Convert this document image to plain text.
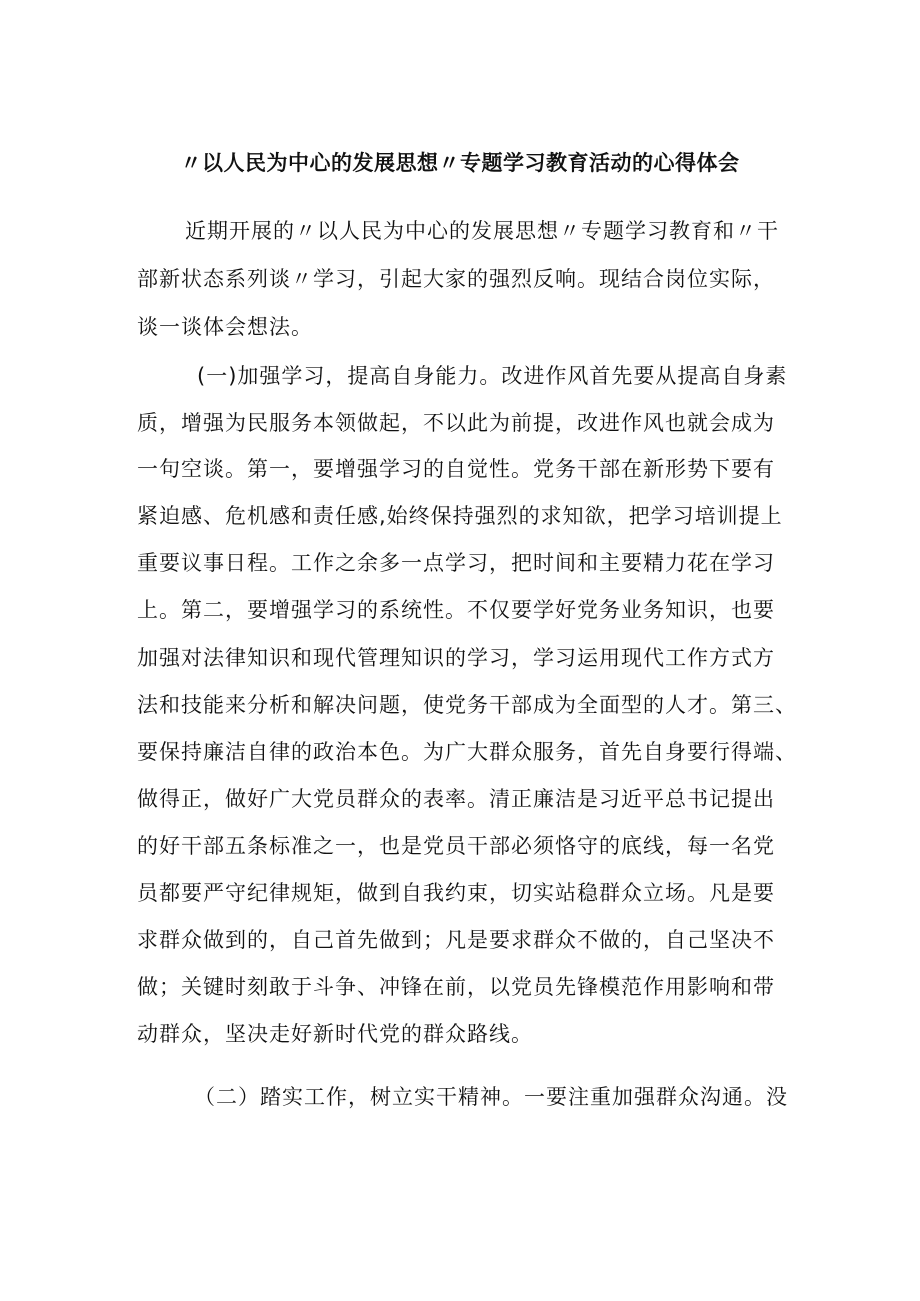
〃以人民为中心的发展思想〃专题学习教育活动的心得体会
近期开展的〃以人民为中心的发展思想〃专题学习教育和〃干
部新状态系列谈〃学习，引起大家的强烈反响。现结合岗位实际，
谈一谈体会想法。
(一)加强学习，提高自身能力。改进作风首先要从提高自身素
质，增强为民服务本领做起，不以此为前提，改进作风也就会成为
一句空谈。第一，要增强学习的自觉性。党务干部在新形势下要有
紧迫感、危机感和责任感,始终保持强烈的求知欲，把学习培训提上
重要议事日程。工作之余多一点学习，把时间和主要精力花在学习
上。第二，要增强学习的系统性。不仅要学好党务业务知识，也要
加强对法律知识和现代管理知识的学习，学习运用现代工作方式方
法和技能来分析和解决问题，使党务干部成为全面型的人才。第三、
要保持廉洁自律的政治本色。为广大群众服务，首先自身要行得端、
做得正，做好广大党员群众的表率。清正廉洁是习近平总书记提出
的好干部五条标准之一，也是党员干部必须恪守的底线，每一名党
员都要严守纪律规矩，做到自我约束，切实站稳群众立场。凡是要
求群众做到的，自己首先做到；凡是要求群众不做的，自己坚决不
做；关键时刻敢于斗争、冲锋在前，以党员先锋模范作用影响和带
动群众，坚决走好新时代党的群众路线。
（二）踏实工作，树立实干精神。一要注重加强群众沟通。没
